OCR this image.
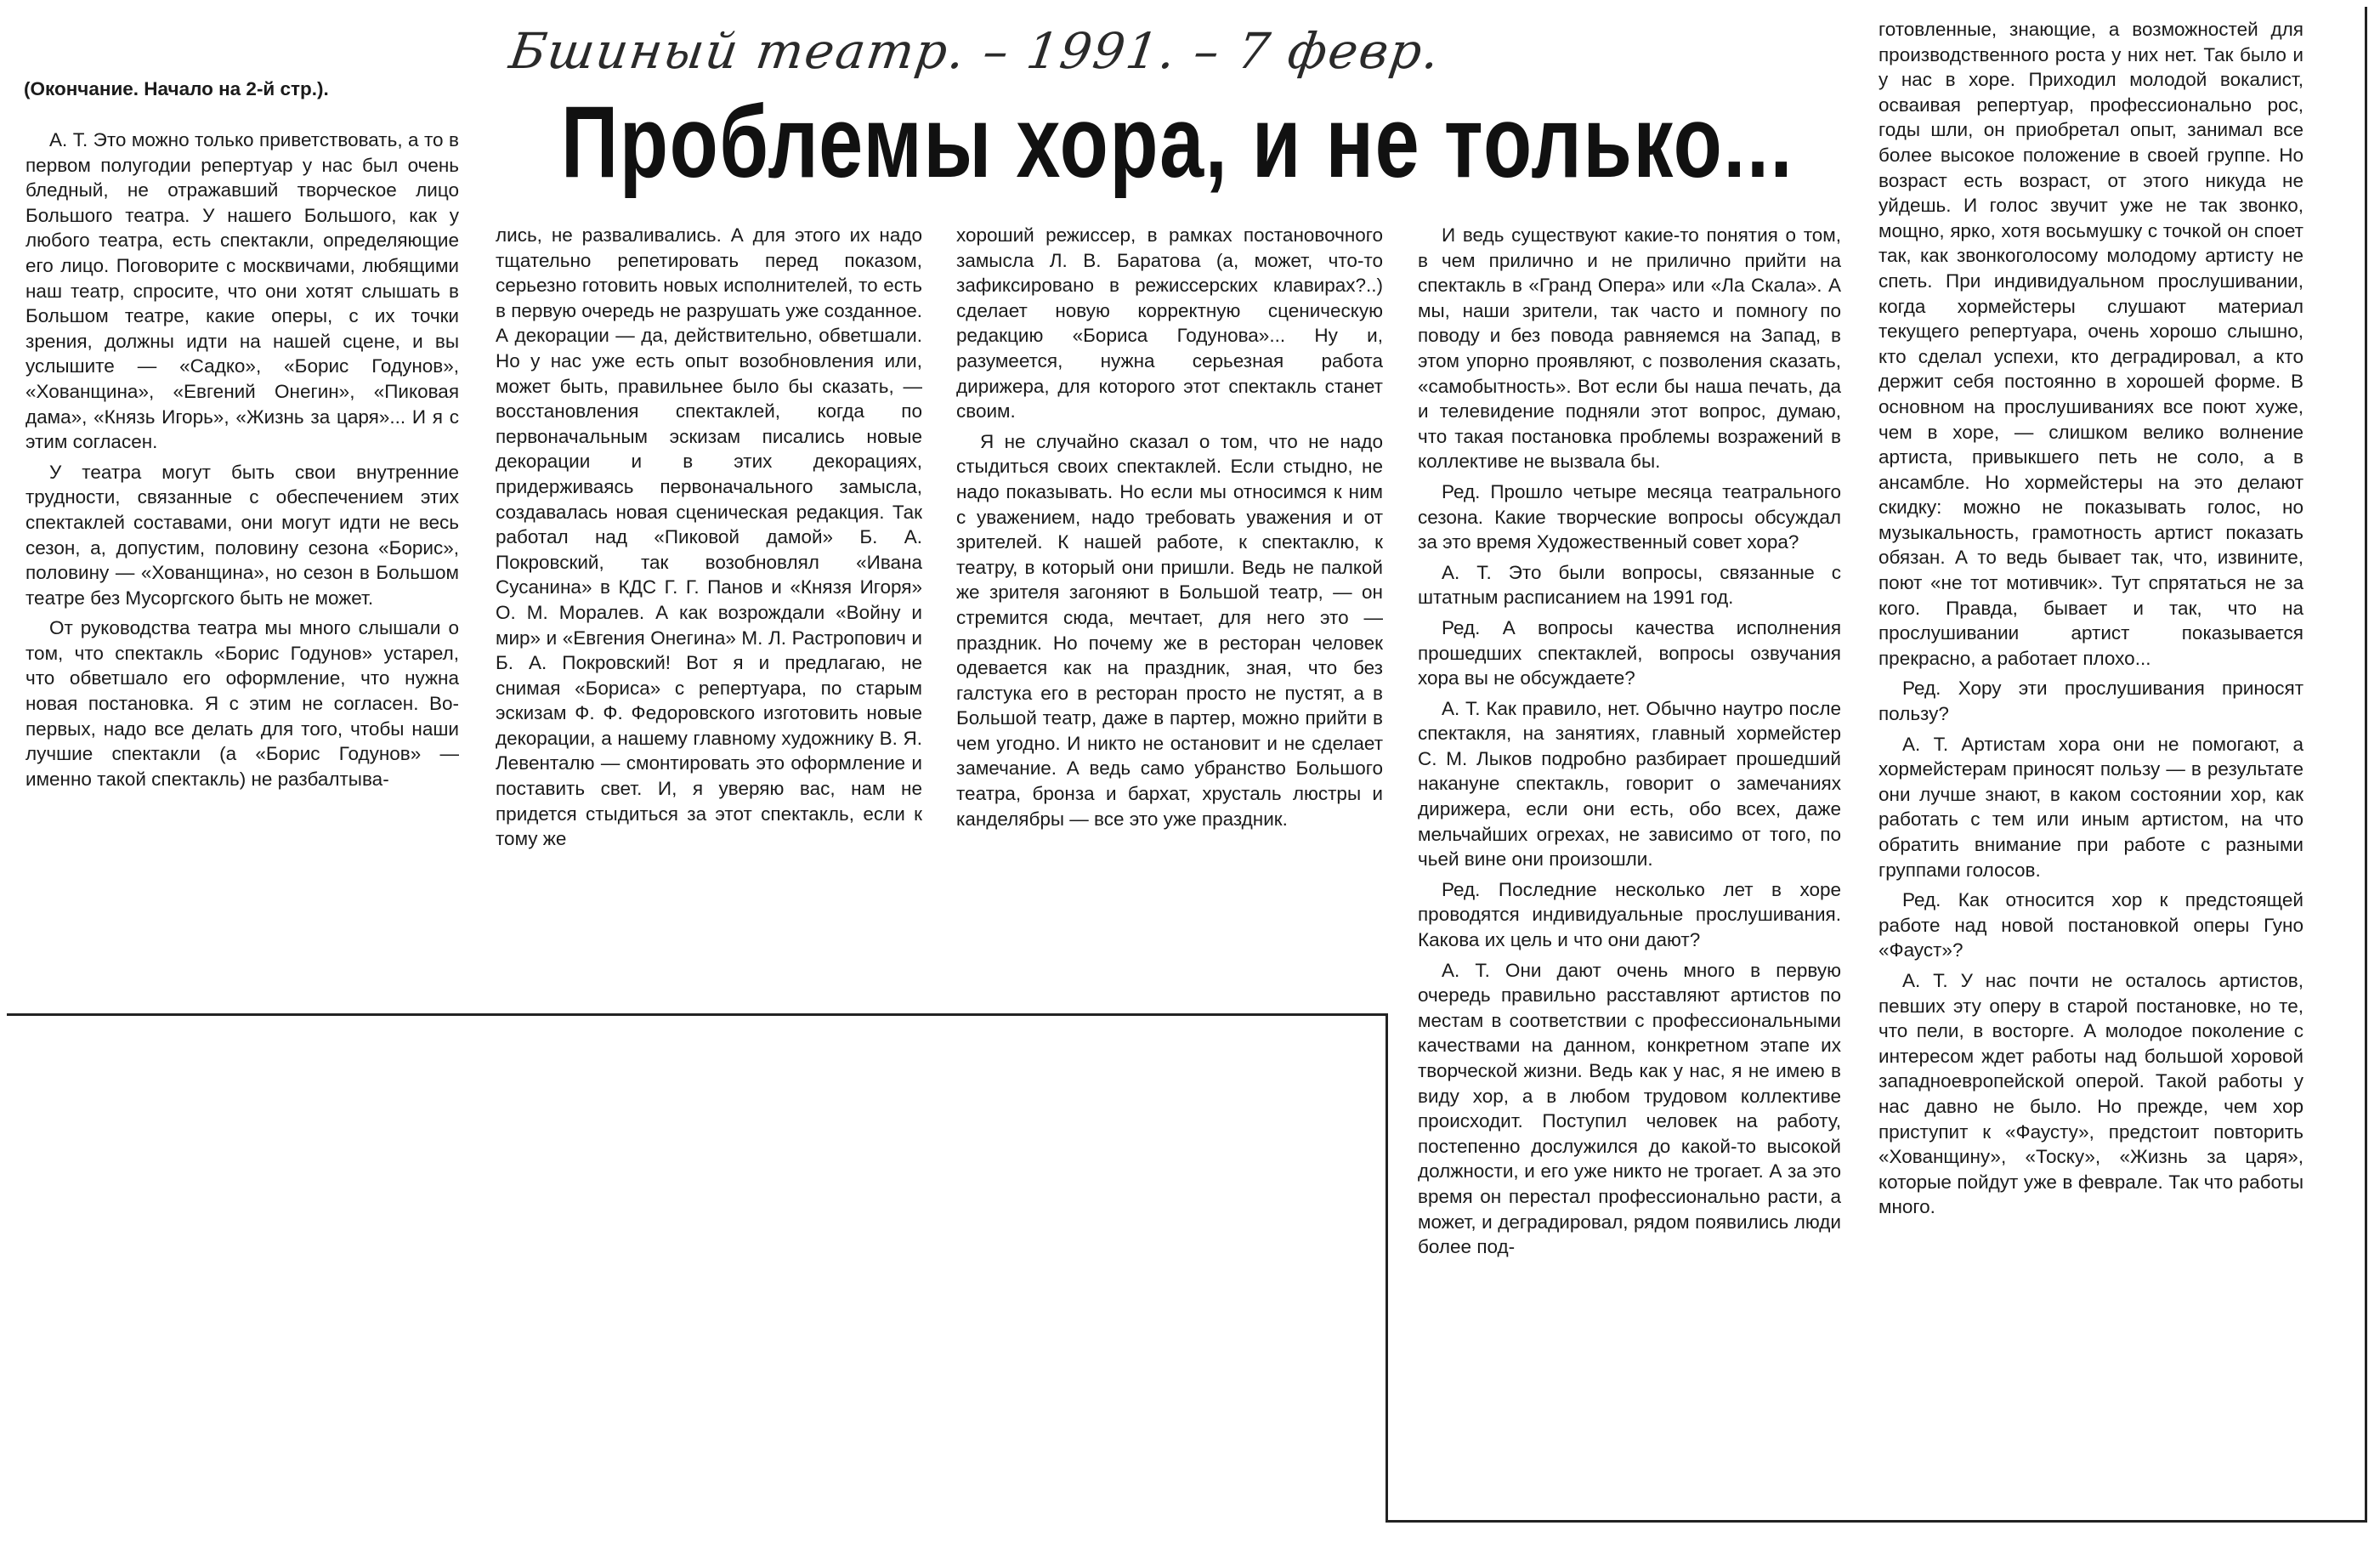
Бшиный театр. – 1991. – 7 февр.
(Окончание. Начало на 2-й стр.). Проблемы хора, и не только...

А. Т. Это можно только приветствовать, а то в первом полугодии репертуар у нас был очень бледный, не отражавший творческое лицо Большого театра. У нашего Большого, как у любого театра, есть спектакли, определяющие его лицо. Поговорите с москвичами, любящими наш театр, спросите, что они хотят слышать в Большом театре, какие оперы, с их точки зрения, должны идти на нашей сцене, и вы услышите — «Садко», «Борис Годунов», «Хованщина», «Евгений Онегин», «Пиковая дама», «Князь Игорь», «Жизнь за царя»... И я с этим согласен.

У театра могут быть свои внутренние трудности, связанные с обеспечением этих спектаклей составами, они могут идти не весь сезон, а, допустим, половину сезона «Борис», половину — «Хованщина», но сезон в Большом театре без Мусоргского быть не может.

От руководства театра мы много слышали о том, что спектакль «Борис Годунов» устарел, что обветшало его оформление, что нужна новая постановка. Я с этим не согласен. Во-первых, надо все делать для того, чтобы наши лучшие спектакли (а «Борис Годунов» — именно такой спектакль) не разбалтыва-

лись, не разваливались. А для этого их надо тщательно репетировать перед показом, серьезно готовить новых исполнителей, то есть в первую очередь не разрушать уже созданное. А декорации — да, действительно, обветшали. Но у нас уже есть опыт возобновления или, может быть, правильнее было бы сказать, — восстановления спектаклей, когда по первоначальным эскизам писались новые декорации и в этих декорациях, придерживаясь первоначального замысла, создавалась новая сценическая редакция. Так работал над «Пиковой дамой» Б. А. Покровский, так возобновлял «Ивана Сусанина» в КДС Г. Г. Панов и «Князя Игоря» О. М. Моралев. А как возрождали «Войну и мир» и «Евгения Онегина» М. Л. Растропович и Б. А. Покровский! Вот я и предлагаю, не снимая «Бориса» с репертуара, по старым эскизам Ф. Ф. Федоровского изготовить новые декорации, а нашему главному художнику В. Я. Левенталю — смонтировать это оформление и поставить свет. И, я уверяю вас, нам не придется стыдиться за этот спектакль, если к тому же

хороший режиссер, в рамках постановочного замысла Л. В. Баратова (а, может, что-то зафиксировано в режиссерских клавирах?..) сделает новую корректную сценическую редакцию «Бориса Годунова»... Ну и, разумеется, нужна серьезная работа дирижера, для которого этот спектакль станет своим.

Я не случайно сказал о том, что не надо стыдиться своих спектаклей. Если стыдно, не надо показывать. Но если мы относимся к ним с уважением, надо требовать уважения и от зрителей. К нашей работе, к спектаклю, к театру, в который они пришли. Ведь не палкой же зрителя загоняют в Большой театр, — он стремится сюда, мечтает, для него это — праздник. Но почему же в ресторан человек одевается как на праздник, зная, что без галстука его в ресторан просто не пустят, а в Большой театр, даже в партер, можно прийти в чем угодно. И никто не остановит и не сделает замечание. А ведь само убранство Большого театра, бронза и бархат, хрусталь люстры и канделябры — все это уже праздник.

И ведь существуют какие-то понятия о том, в чем прилично и не прилично прийти на спектакль в «Гранд Опера» или «Ла Скала». А мы, наши зрители, так часто и помногу по поводу и без повода равняемся на Запад, в этом упорно проявляют, с позволения сказать, «самобытность». Вот если бы наша печать, да и телевидение подняли этот вопрос, думаю, что такая постановка проблемы возражений в коллективе не вызвала бы.

Ред. Прошло четыре месяца театрального сезона. Какие творческие вопросы обсуждал за это время Художественный совет хора?

А. Т. Это были вопросы, связанные с штатным расписанием на 1991 год.

Ред. А вопросы качества исполнения прошедших спектаклей, вопросы озвучания хора вы не обсуждаете?

А. Т. Как правило, нет. Обычно наутро после спектакля, на занятиях, главный хормейстер С. М. Лыков подробно разбирает прошедший накануне спектакль, говорит о замечаниях дирижера, если они есть, обо всех, даже мельчайших огрехах, не зависимо от того, по чьей вине они произошли.

Ред. Последние несколько лет в хоре проводятся индивидуальные прослушивания. Какова их цель и что они дают?

А. Т. Они дают очень много в первую очередь правильно расставляют артистов по местам в соответствии с профессиональными качествами на данном, конкретном этапе их творческой жизни. Ведь как у нас, я не имею в виду хор, а в любом трудовом коллективе происходит. Поступил человек на работу, постепенно дослужился до какой-то высокой должности, и его уже никто не трогает. А за это время он перестал профессионально расти, а может, и деградировал, рядом появились люди более под-

готовленные, знающие, а возможностей для производственного роста у них нет. Так было и у нас в хоре. Приходил молодой вокалист, осваивая репертуар, профессионально рос, годы шли, он приобретал опыт, занимал все более высокое положение в своей группе. Но возраст есть возраст, от этого никуда не уйдешь. И голос звучит уже не так звонко, мощно, ярко, хотя восьмушку с точкой он споет так, как звонкоголосому молодому артисту не спеть. При индивидуальном прослушивании, когда хормейстеры слушают материал текущего репертуара, очень хорошо слышно, кто сделал успехи, кто деградировал, а кто держит себя постоянно в хорошей форме. В основном на прослушиваниях все поют хуже, чем в хоре, — слишком велико волнение артиста, привыкшего петь не соло, а в ансамбле. Но хормейстеры на это делают скидку: можно не показывать голос, но музыкальность, грамотность артист показать обязан. А то ведь бывает так, что, извините, поют «не тот мотивчик». Тут спрятаться не за кого. Правда, бывает и так, что на прослушивании артист показывается прекрасно, а работает плохо...

Ред. Хору эти прослушивания приносят пользу?

А. Т. Артистам хора они не помогают, а хормейстерам приносят пользу — в результате они лучше знают, в каком состоянии хор, как работать с тем или иным артистом, на что обратить внимание при работе с разными группами голосов.

Ред. Как относится хор к предстоящей работе над новой постановкой оперы Гуно «Фауст»?

А. Т. У нас почти не осталось артистов, певших эту оперу в старой постановке, но те, что пели, в восторге. А молодое поколение с интересом ждет работы над большой хоровой западноевропейской оперой. Такой работы у нас давно не было. Но прежде, чем хор приступит к «Фаусту», предстоит повторить «Хованщину», «Тоску», «Жизнь за царя», которые пойдут уже в феврале. Так что работы много.
